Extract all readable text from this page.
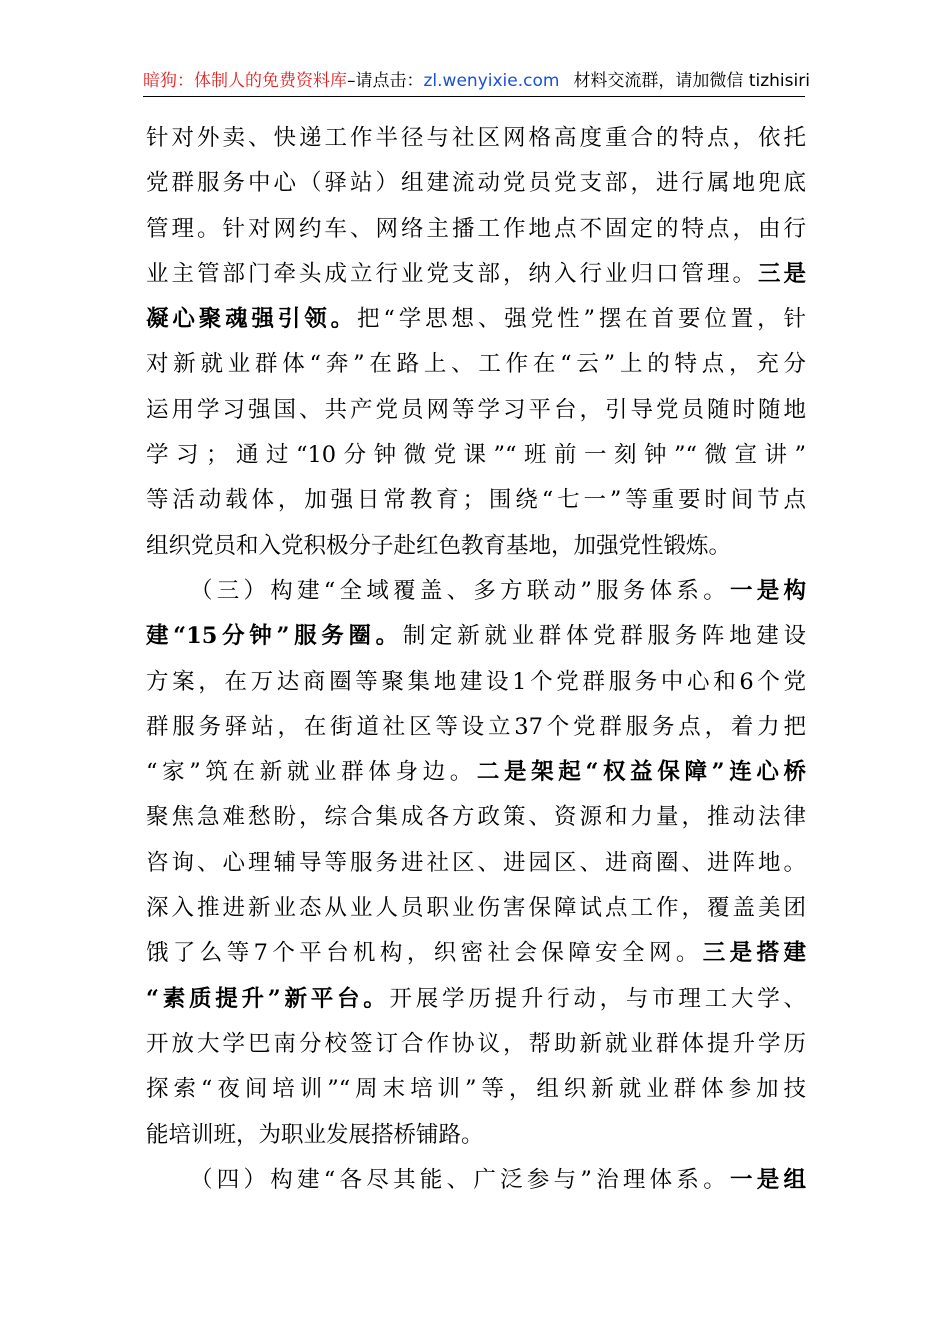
暗狗：体制人的免费资料库–请点击：zl.wenyixie.com 材料交流群，请加微信 tizhisiri
针对外卖、快递工作半径与社区网格高度重合的特点，依托
党群服务中心（驿站）组建流动党员党支部，进行属地兜底
管理。针对网约车、网络主播工作地点不固定的特点，由行
业主管部门牵头成立行业党支部，纳入行业归口管理。三是
凝心聚魂强引领。把“学思想、强党性”摆在首要位置，针
对新就业群体“奔”在路上、工作在“云”上的特点，充分
运用学习强国、共产党员网等学习平台，引导党员随时随地
学习；通过“10分钟微党课”“班前一刻钟”“微宣讲”
等活动载体，加强日常教育；围绕“七一”等重要时间节点
组织党员和入党积极分子赴红色教育基地，加强党性锻炼。
（三）构建“全域覆盖、多方联动”服务体系。一是构
建“15分钟”服务圈。制定新就业群体党群服务阵地建设
方案，在万达商圈等聚集地建设1个党群服务中心和6个党
群服务驿站，在街道社区等设立37个党群服务点，着力把
“家”筑在新就业群体身边。二是架起“权益保障”连心桥
聚焦急难愁盼，综合集成各方政策、资源和力量，推动法律
咨询、心理辅导等服务进社区、进园区、进商圈、进阵地。
深入推进新业态从业人员职业伤害保障试点工作，覆盖美团
饿了么等7个平台机构，织密社会保障安全网。三是搭建
“素质提升”新平台。开展学历提升行动，与市理工大学、
开放大学巴南分校签订合作协议，帮助新就业群体提升学历
探索“夜间培训”“周末培训”等，组织新就业群体参加技
能培训班，为职业发展搭桥铺路。
（四）构建“各尽其能、广泛参与”治理体系。一是组
